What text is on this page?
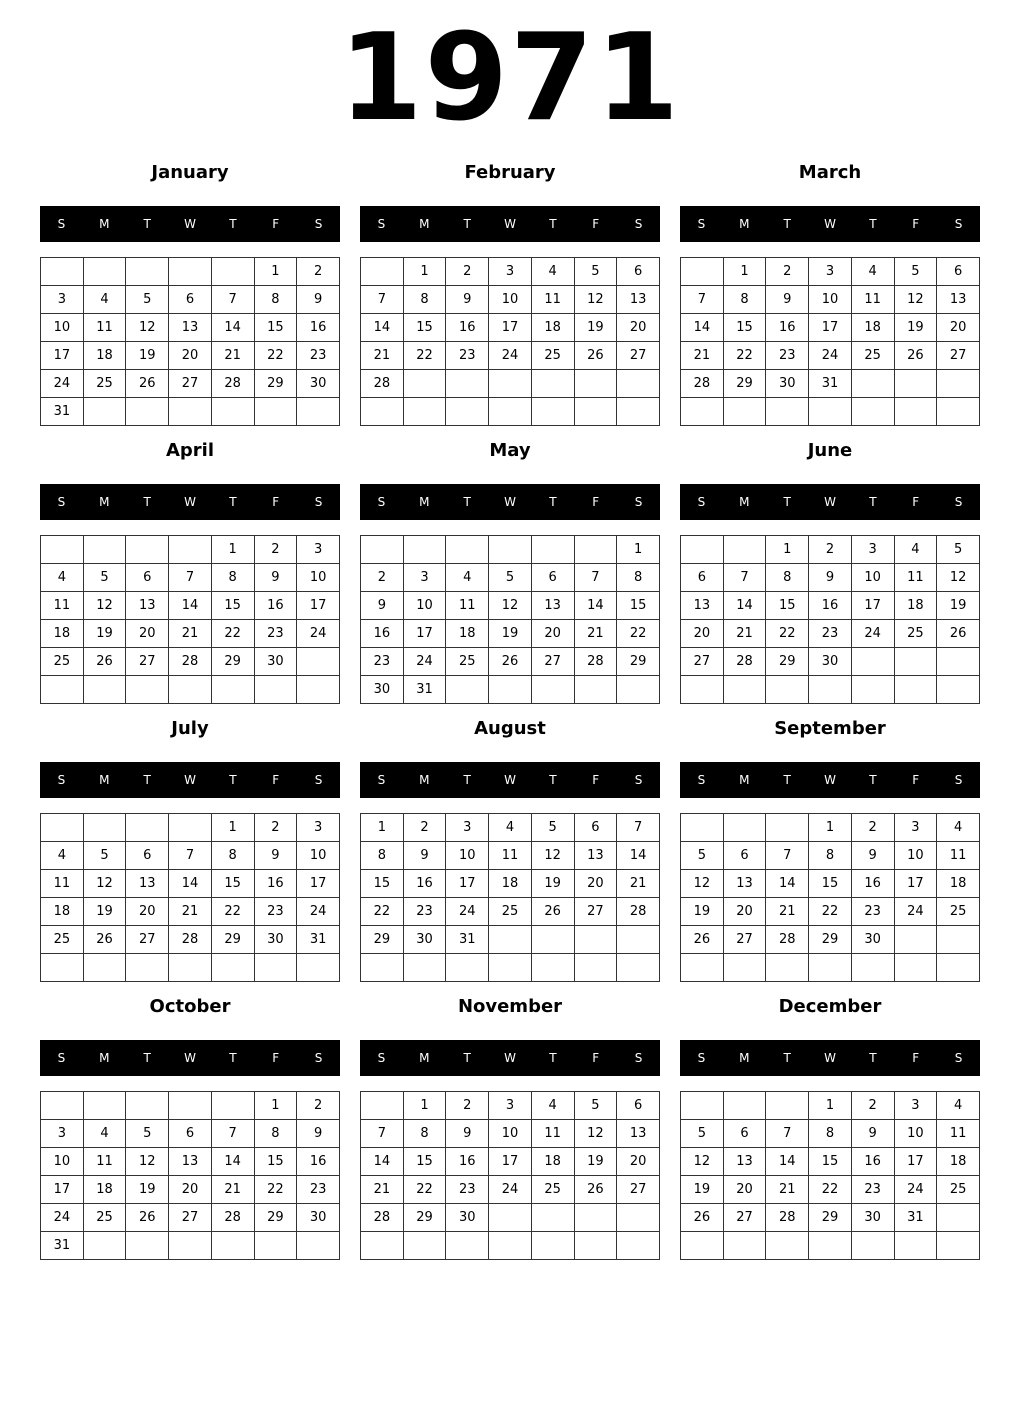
1971
January
S	M	T	W	T	F	S
					1	2
3	4	5	6	7	8	9
10	11	12	13	14	15	16
17	18	19	20	21	22	23
24	25	26	27	28	29	30
31						
February
S	M	T	W	T	F	S
	1	2	3	4	5	6
7	8	9	10	11	12	13
14	15	16	17	18	19	20
21	22	23	24	25	26	27
28						

March
S	M	T	W	T	F	S
	1	2	3	4	5	6
7	8	9	10	11	12	13
14	15	16	17	18	19	20
21	22	23	24	25	26	27
28	29	30	31			

April
S	M	T	W	T	F	S
				1	2	3
4	5	6	7	8	9	10
11	12	13	14	15	16	17
18	19	20	21	22	23	24
25	26	27	28	29	30	

May
S	M	T	W	T	F	S
						1
2	3	4	5	6	7	8
9	10	11	12	13	14	15
16	17	18	19	20	21	22
23	24	25	26	27	28	29
30	31					
June
S	M	T	W	T	F	S
		1	2	3	4	5
6	7	8	9	10	11	12
13	14	15	16	17	18	19
20	21	22	23	24	25	26
27	28	29	30			

July
S	M	T	W	T	F	S
				1	2	3
4	5	6	7	8	9	10
11	12	13	14	15	16	17
18	19	20	21	22	23	24
25	26	27	28	29	30	31

August
S	M	T	W	T	F	S
1	2	3	4	5	6	7
8	9	10	11	12	13	14
15	16	17	18	19	20	21
22	23	24	25	26	27	28
29	30	31				

September
S	M	T	W	T	F	S
			1	2	3	4
5	6	7	8	9	10	11
12	13	14	15	16	17	18
19	20	21	22	23	24	25
26	27	28	29	30		

October
S	M	T	W	T	F	S
					1	2
3	4	5	6	7	8	9
10	11	12	13	14	15	16
17	18	19	20	21	22	23
24	25	26	27	28	29	30
31						
November
S	M	T	W	T	F	S
	1	2	3	4	5	6
7	8	9	10	11	12	13
14	15	16	17	18	19	20
21	22	23	24	25	26	27
28	29	30				

December
S	M	T	W	T	F	S
			1	2	3	4
5	6	7	8	9	10	11
12	13	14	15	16	17	18
19	20	21	22	23	24	25
26	27	28	29	30	31	
